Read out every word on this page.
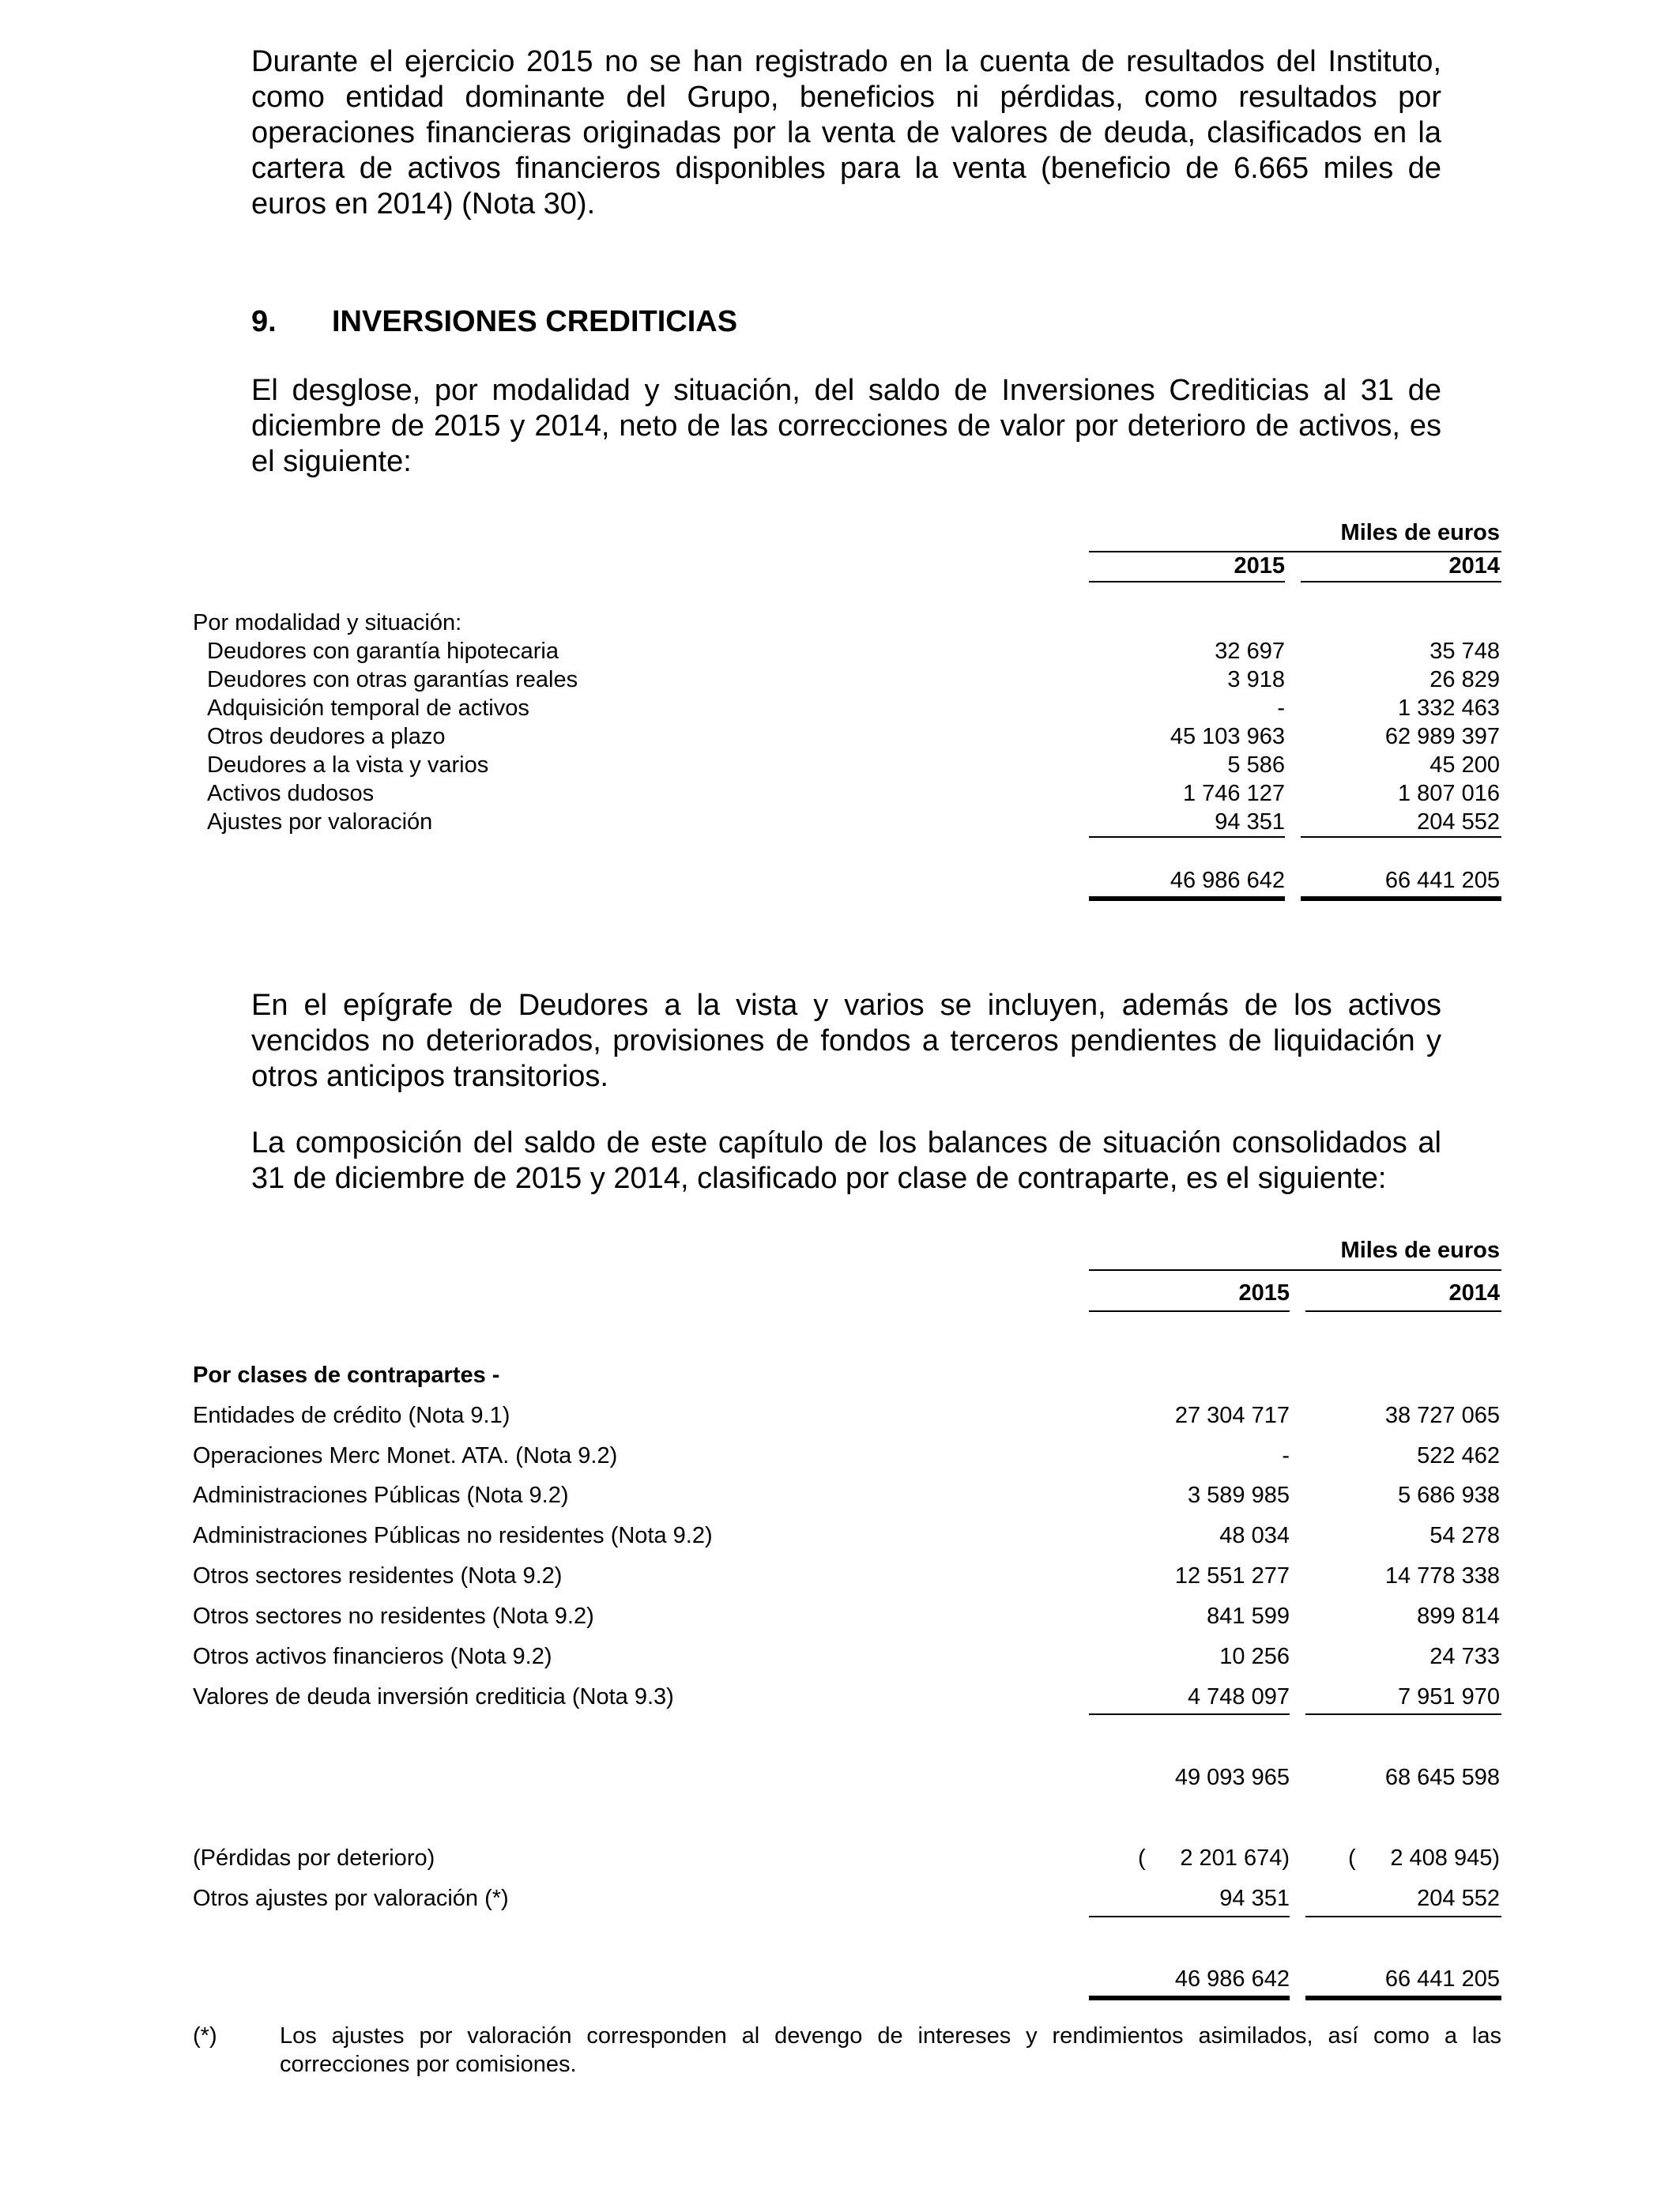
Durante el ejercicio 2015 no se han registrado en la cuenta de resultados del Instituto, como entidad dominante del Grupo, beneficios ni pérdidas, como resultados por operaciones financieras originadas por la venta de valores de deuda, clasificados en la cartera de activos financieros disponibles para la venta (beneficio de 6.665 miles de euros en 2014) (Nota 30).

9. INVERSIONES CREDITICIAS

El desglose, por modalidad y situación, del saldo de Inversiones Crediticias al 31 de diciembre de 2015 y 2014, neto de las correcciones de valor por deterioro de activos, es el siguiente:

Miles de euros
2015	2014
Por modalidad y situación:
Deudores con garantía hipotecaria	32 697	35 748
Deudores con otras garantías reales	3 918	26 829
Adquisición temporal de activos	-	1 332 463
Otros deudores a plazo	45 103 963	62 989 397
Deudores a la vista y varios	5 586	45 200
Activos dudosos	1 746 127	1 807 016
Ajustes por valoración	94 351	204 552
46 986 642	66 441 205

En el epígrafe de Deudores a la vista y varios se incluyen, además de los activos vencidos no deteriorados, provisiones de fondos a terceros pendientes de liquidación y otros anticipos transitorios.

La composición del saldo de este capítulo de los balances de situación consolidados al 31 de diciembre de 2015 y 2014, clasificado por clase de contraparte, es el siguiente:

Miles de euros
2015	2014
Por clases de contrapartes -
Entidades de crédito (Nota 9.1)	27 304 717	38 727 065
Operaciones Merc Monet. ATA. (Nota 9.2)	-	522 462
Administraciones Públicas (Nota 9.2)	3 589 985	5 686 938
Administraciones Públicas no residentes (Nota 9.2)	48 034	54 278
Otros sectores residentes (Nota 9.2)	12 551 277	14 778 338
Otros sectores no residentes (Nota 9.2)	841 599	899 814
Otros activos financieros (Nota 9.2)	10 256	24 733
Valores de deuda inversión crediticia (Nota 9.3)	4 748 097	7 951 970
49 093 965	68 645 598
(Pérdidas por deterioro)	( 2 201 674)	( 2 408 945)
Otros ajustes por valoración (*)	94 351	204 552
46 986 642	66 441 205
(*)	Los ajustes por valoración corresponden al devengo de intereses y rendimientos asimilados, así como a las correcciones por comisiones.
